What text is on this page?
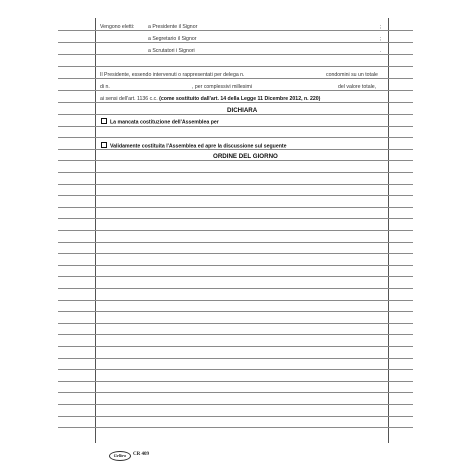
Vengono eletti:	a Presidente il Signor	;
a Segretario il Signor	;
a Scrutatori i Signori	.
Il Presidente, essendo intervenuti o rappresentati per delega n.	condomini su un totale
di n.	, per complessivi millesimi	del valore totale,
ai sensi dell'art. 1136 c.c. (come sostituito dall'art. 14 della Legge 11 Dicembre 2012, n. 220)
DICHIARA
La mancata costituzione dell'Assemblea per
Validamente costituita l'Assemblea ed apre la discussione sul seguente
ORDINE DEL GIORNO
Gelbro	CR 409
